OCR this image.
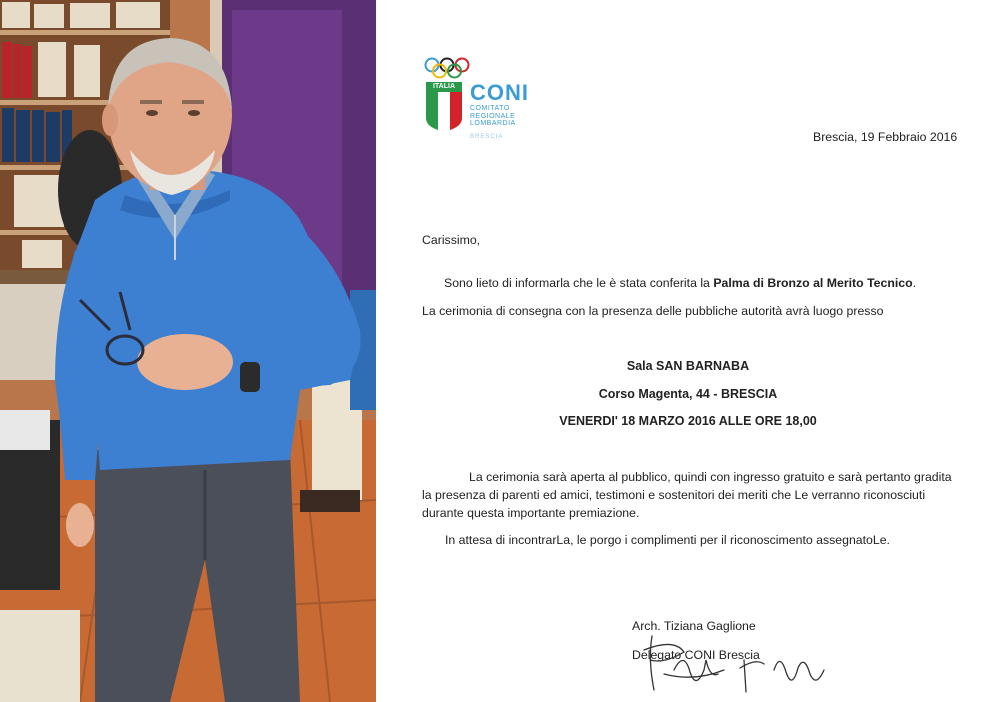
ITALIA CONI
COMITATO
REGIONALE
LOMBARDIA
BRESCIA	Brescia, 19 Febbraio 2016
Carissimo,
Sono lieto di informarla che le è stata conferita la Palma di Bronzo al Merito Tecnico.
La cerimonia di consegna con la presenza delle pubbliche autorità avrà luogo presso
Sala SAN BARNABA
Corso Magenta, 44 - BRESCIA
VENERDI' 18 MARZO 2016 ALLE ORE 18,00
La cerimonia sarà aperta al pubblico, quindi con ingresso gratuito e sarà pertanto gradita
la presenza di parenti ed amici, testimoni e sostenitori dei meriti che Le verranno riconosciuti
durante questa importante premiazione.
In attesa di incontrarLa, le porgo i complimenti per il riconoscimento assegnatoLe.
Arch. Tiziana Gaglione
Delegato CONI Brescia
